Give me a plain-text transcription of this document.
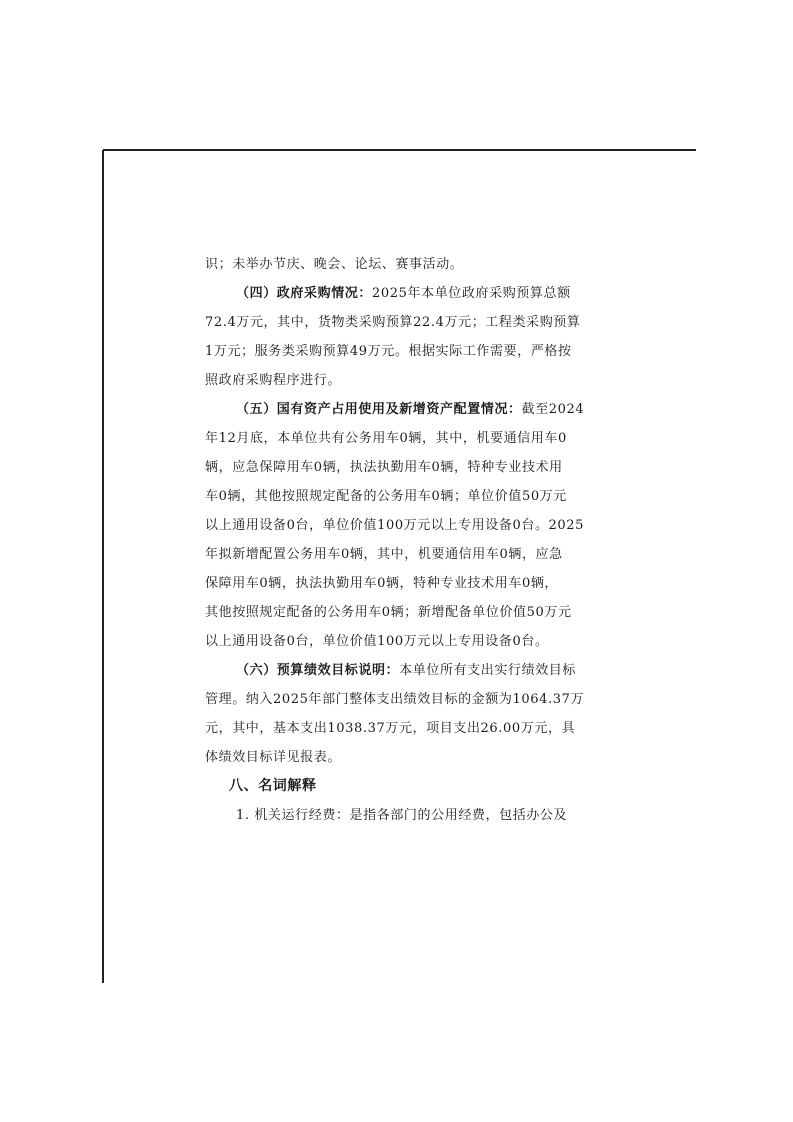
识；未举办节庆、晚会、论坛、赛事活动。
（四）政府采购情况：2025年本单位政府采购预算总额
72.4万元，其中，货物类采购预算22.4万元；工程类采购预算
1万元；服务类采购预算49万元。根据实际工作需要，严格按
照政府采购程序进行。
（五）国有资产占用使用及新增资产配置情况：截至2024
年12月底，本单位共有公务用车0辆，其中，机要通信用车0
辆，应急保障用车0辆，执法执勤用车0辆，特种专业技术用
车0辆，其他按照规定配备的公务用车0辆；单位价值50万元
以上通用设备0台，单位价值100万元以上专用设备0台。2025
年拟新增配置公务用车0辆，其中，机要通信用车0辆，应急
保障用车0辆，执法执勤用车0辆，特种专业技术用车0辆，
其他按照规定配备的公务用车0辆；新增配备单位价值50万元
以上通用设备0台，单位价值100万元以上专用设备0台。
（六）预算绩效目标说明：本单位所有支出实行绩效目标
管理。纳入2025年部门整体支出绩效目标的金额为1064.37万
元，其中，基本支出1038.37万元，项目支出26.00万元，具
体绩效目标详见报表。
八、名词解释
1. 机关运行经费：是指各部门的公用经费，包括办公及
